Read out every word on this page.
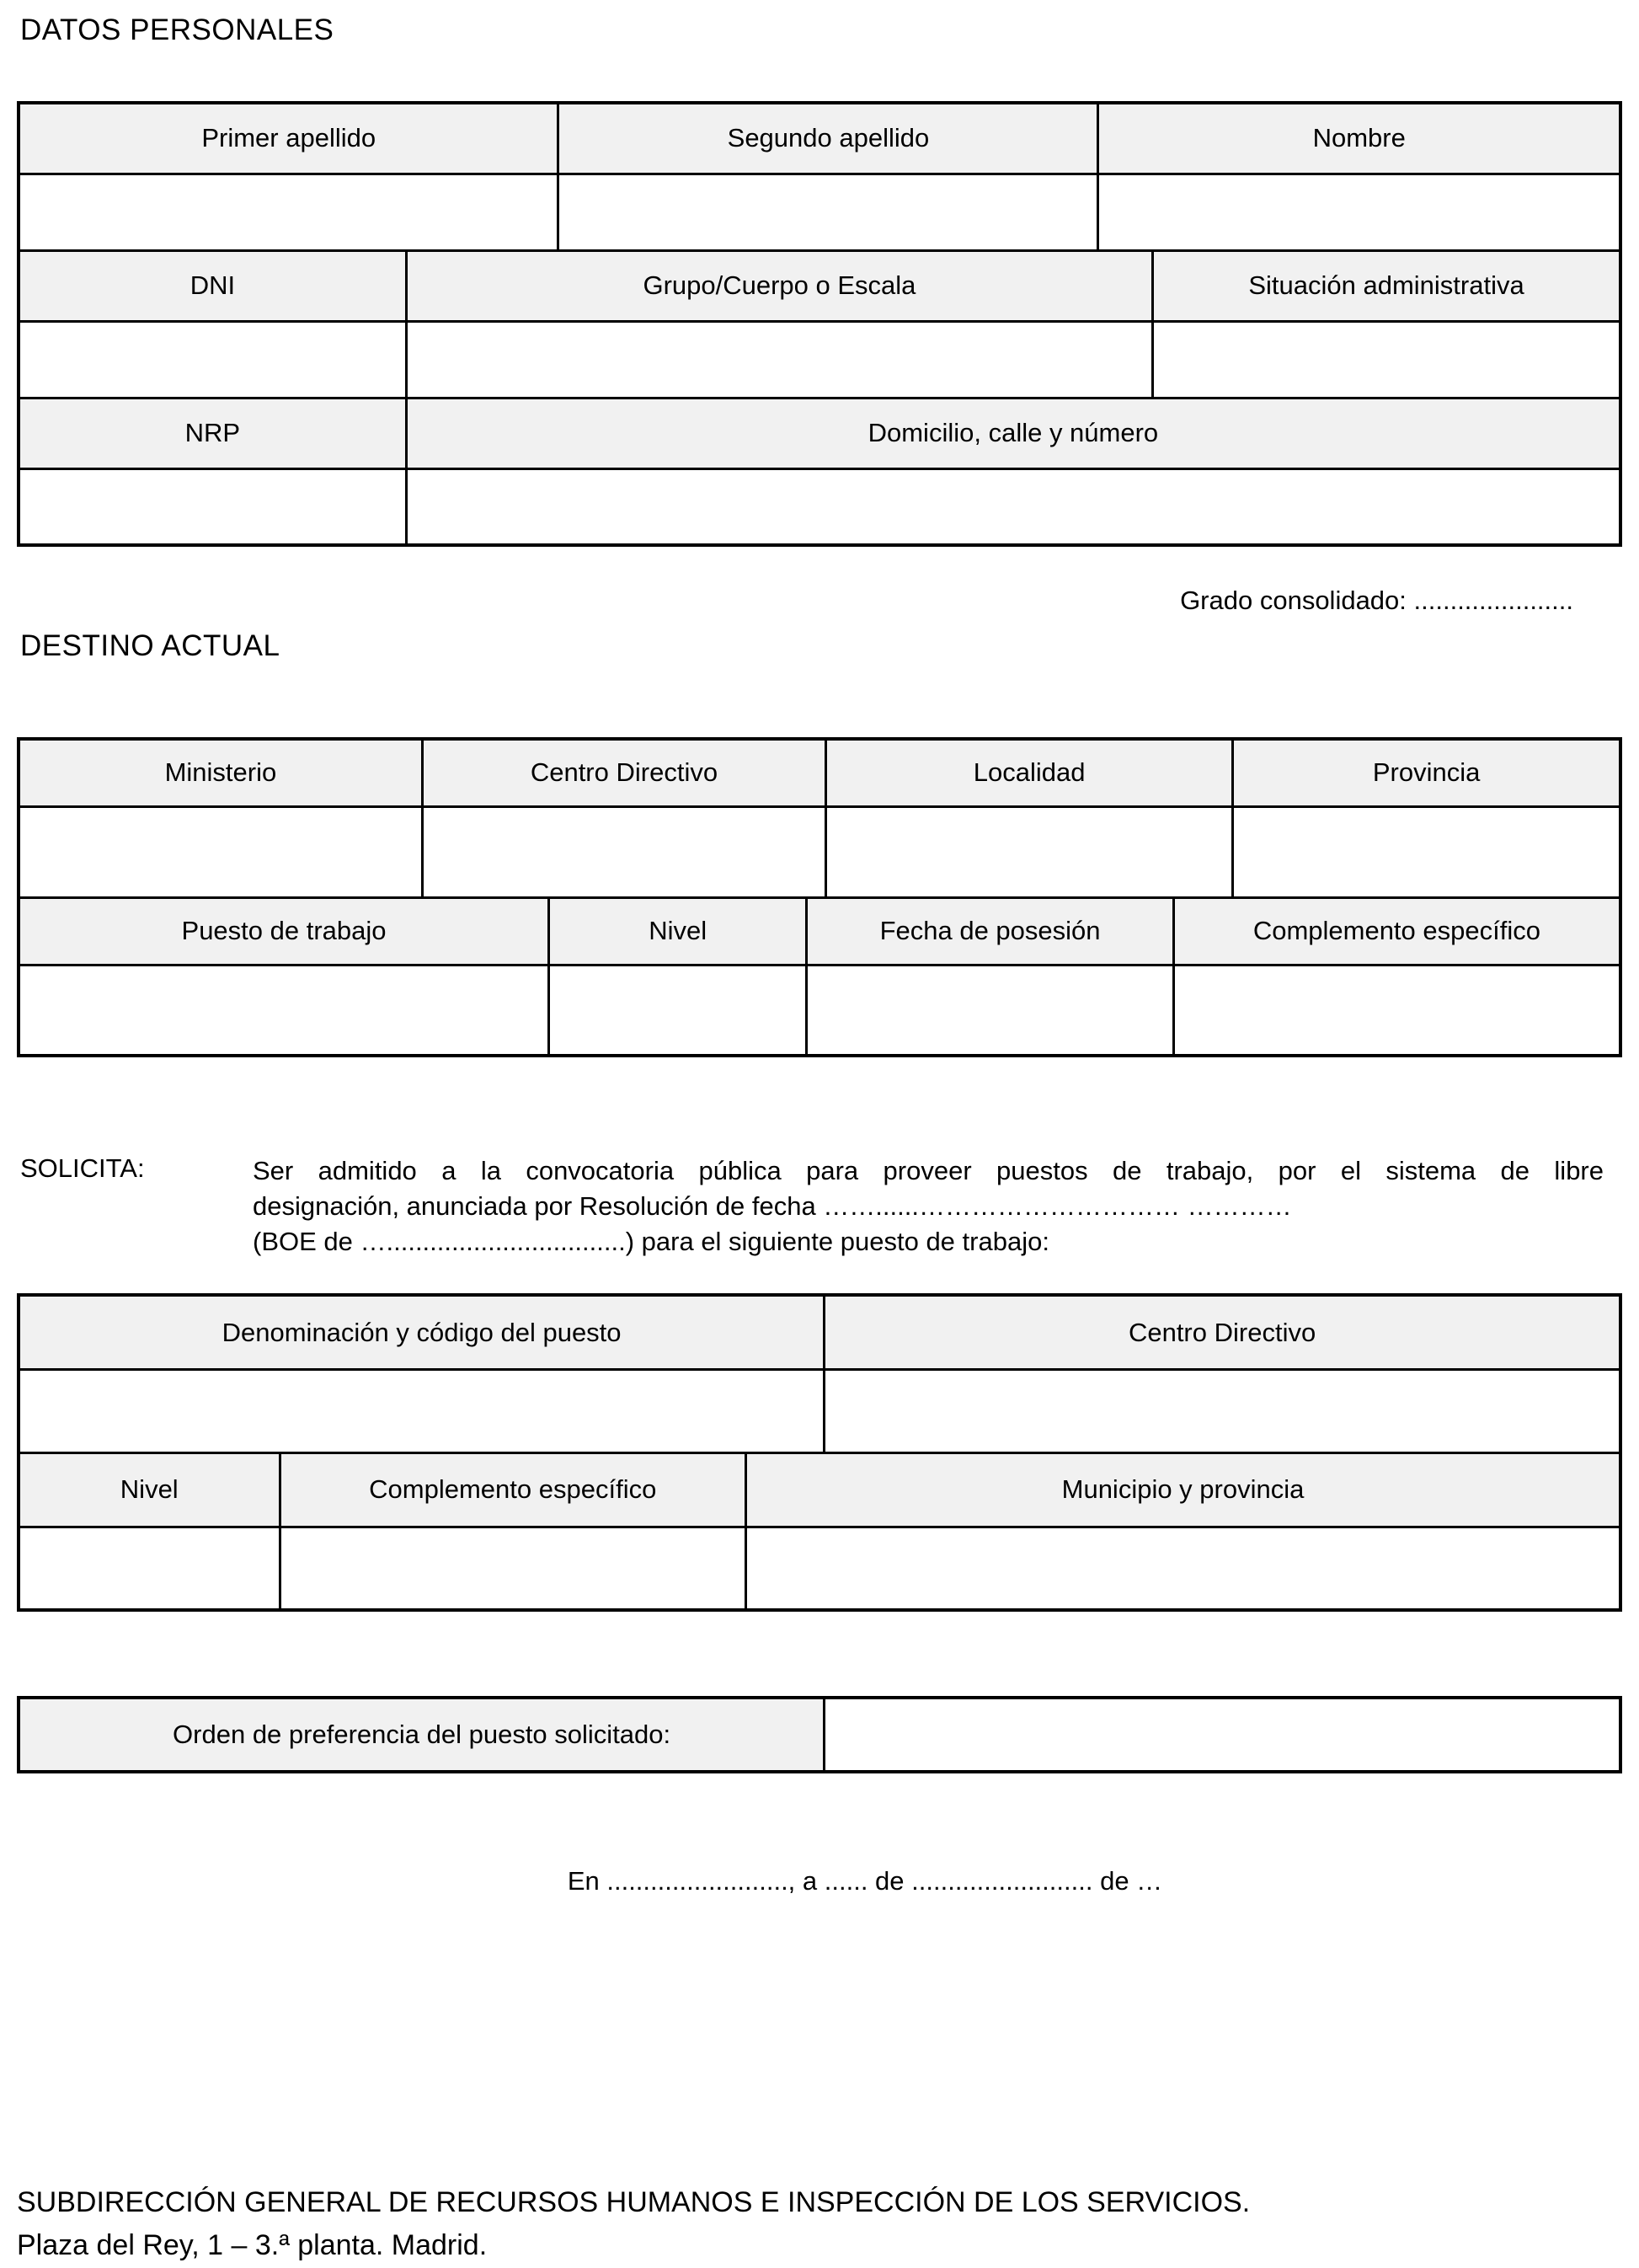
DATOS PERSONALES
Primer apellido		Segundo apellido	Nombre	

DNI	Grupo/Cuerpo o Escala			Situación administrativa

NRP	Domicilio, calle y número			

Grado consolidado: ......................
DESTINO ACTUAL
Ministerio	Centro Directivo			Localidad		Provincia

Puesto de trabajo		Nivel	Fecha de posesión		Complemento específico	

SOLICITA:	Ser admitido a la convocatoria pública para proveer puestos de trabajo, por el sistema de libre
designación, anunciada por Resolución de fecha ……......………………………… …………
(BOE de ….................................) para el siguiente puesto de trabajo:
Denominación y código del puesto			Centro Directivo

Nivel	Complemento específico	Municipio y provincia	

Orden de preferencia del puesto solicitado:	
En ........................., a ...... de ......................... de …
SUBDIRECCIÓN GENERAL DE RECURSOS HUMANOS E INSPECCIÓN DE LOS SERVICIOS.
Plaza del Rey, 1 – 3.ª planta. Madrid.
